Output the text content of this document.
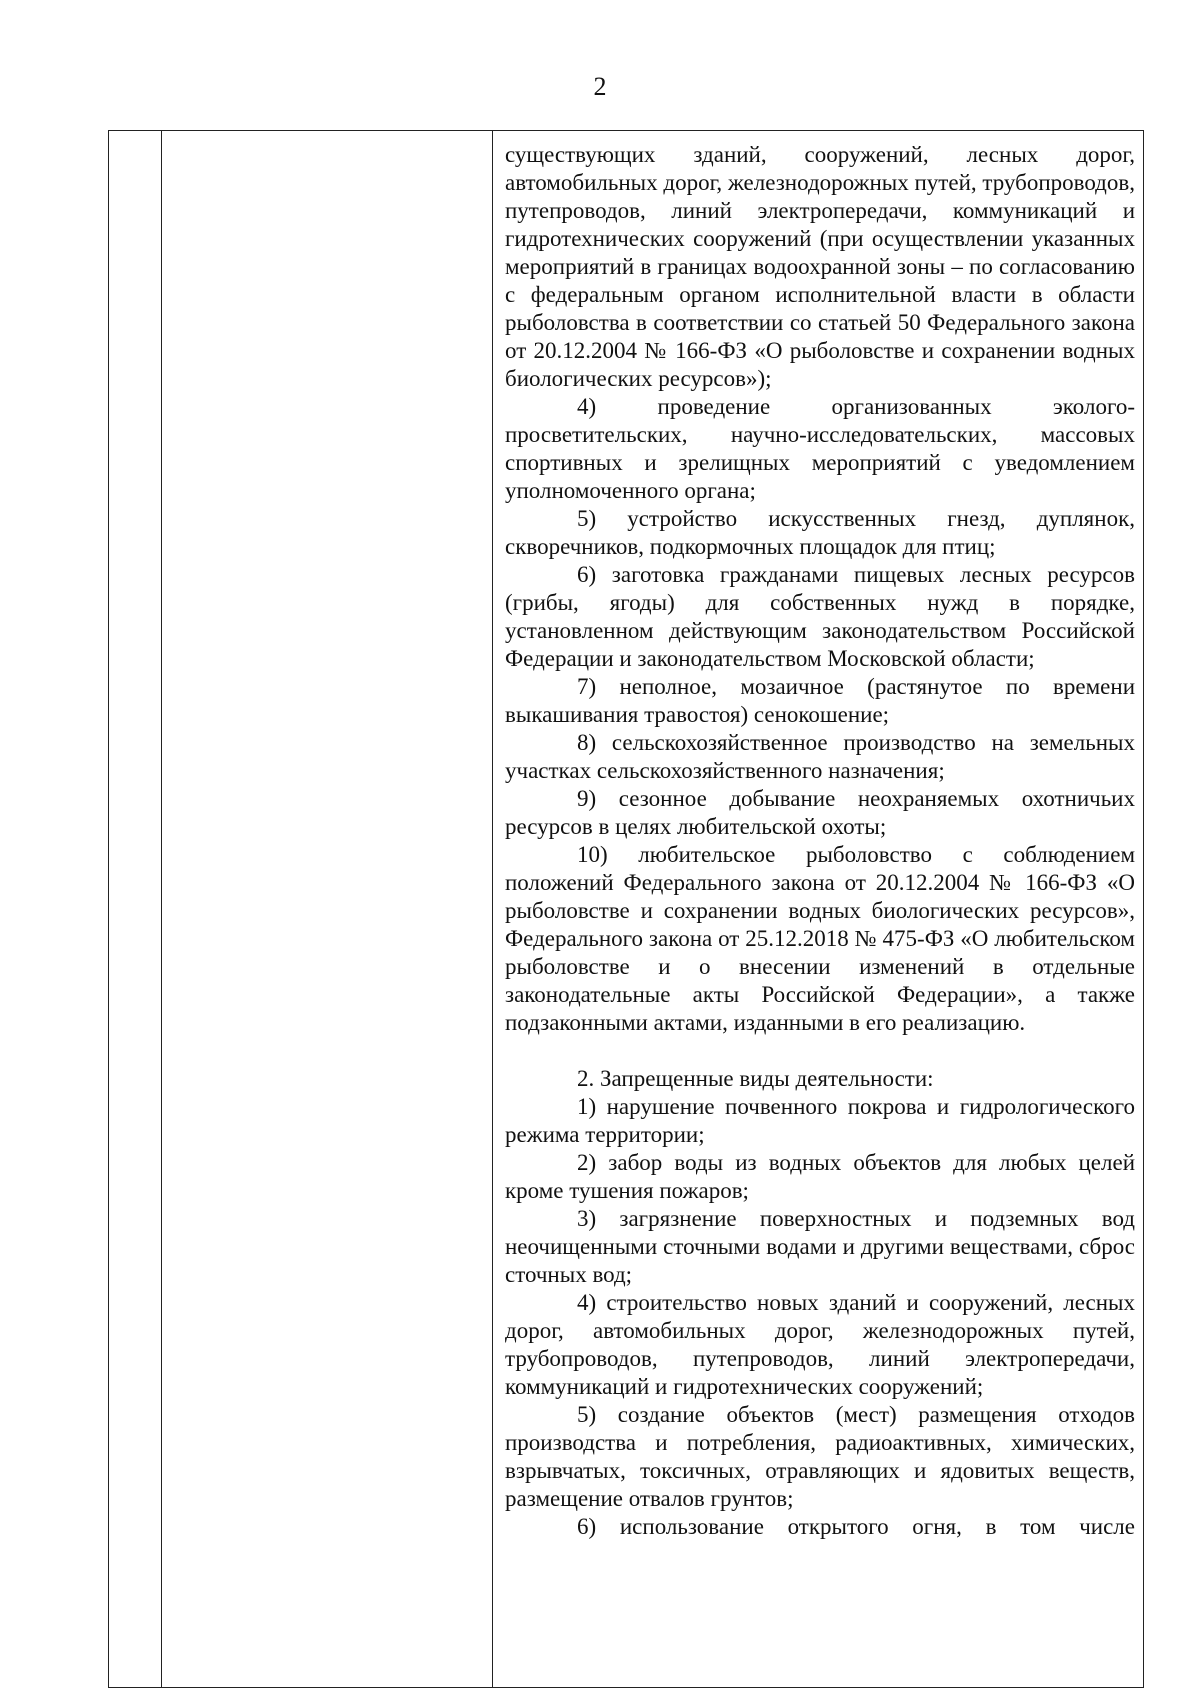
2

существующих зданий, сооружений, лесных дорог, автомобильных дорог, железнодорожных путей, трубопроводов, путепроводов, линий электропередачи, коммуникаций и гидротехнических сооружений (при осуществлении указанных мероприятий в границах водоохранной зоны – по согласованию с федеральным органом исполнительной власти в области рыболовства в соответствии со статьей 50 Федерального закона от 20.12.2004 № 166-ФЗ «О рыболовстве и сохранении водных биологических ресурсов»);

4) проведение организованных эколого-просветительских, научно-исследовательских, массовых спортивных и зрелищных мероприятий с уведомлением уполномоченного органа;

5) устройство искусственных гнезд, дуплянок, скворечников, подкормочных площадок для птиц;

6) заготовка гражданами пищевых лесных ресурсов (грибы, ягоды) для собственных нужд в порядке, установленном действующим законодательством Российской Федерации и законодательством Московской области;

7) неполное, мозаичное (растянутое по времени выкашивания травостоя) сенокошение;

8) сельскохозяйственное производство на земельных участках сельскохозяйственного назначения;

9) сезонное добывание неохраняемых охотничьих ресурсов в целях любительской охоты;

10) любительское рыболовство с соблюдением положений Федерального закона от 20.12.2004 № 166-ФЗ «О рыболовстве и сохранении водных биологических ресурсов», Федерального закона от 25.12.2018 № 475-ФЗ «О любительском рыболовстве и о внесении изменений в отдельные законодательные акты Российской Федерации», а также подзаконными актами, изданными в его реализацию.

2. Запрещенные виды деятельности:

1) нарушение почвенного покрова и гидрологического режима территории;

2) забор воды из водных объектов для любых целей кроме тушения пожаров;

3) загрязнение поверхностных и подземных вод неочищенными сточными водами и другими веществами, сброс сточных вод;

4) строительство новых зданий и сооружений, лесных дорог, автомобильных дорог, железнодорожных путей, трубопроводов, путепроводов, линий электропередачи, коммуникаций и гидротехнических сооружений;

5) создание объектов (мест) размещения отходов производства и потребления, радиоактивных, химических, взрывчатых, токсичных, отравляющих и ядовитых веществ, размещение отвалов грунтов;

6) использование открытого огня, в том числе
